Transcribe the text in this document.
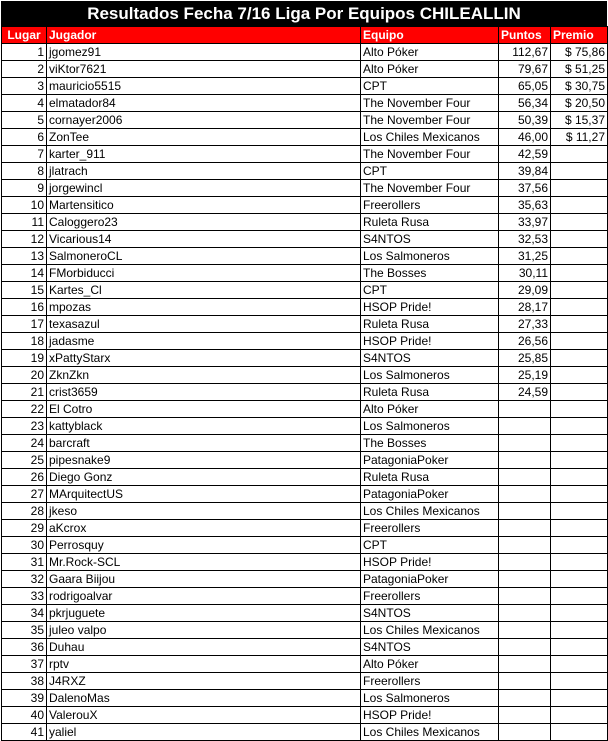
Resultados Fecha 7/16 Liga Por Equipos CHILEALLIN
Lugar	Jugador	Equipo	Puntos	Premio
1	jgomez91	Alto Póker	112,67	$ 75,86
2	viKtor7621	Alto Póker	79,67	$ 51,25
3	mauricio5515	CPT	65,05	$ 30,75
4	elmatador84	The November Four	56,34	$ 20,50
5	cornayer2006	The November Four	50,39	$ 15,37
6	ZonTee	Los Chiles Mexicanos	46,00	$ 11,27
7	karter_911	The November Four	42,59	
8	jlatrach	CPT	39,84	
9	jorgewincl	The November Four	37,56	
10	Martensitico	Freerollers	35,63	
11	Caloggero23	Ruleta Rusa	33,97	
12	Vicarious14	S4NTOS	32,53	
13	SalmoneroCL	Los Salmoneros	31,25	
14	FMorbiducci	The Bosses	30,11	
15	Kartes_Cl	CPT	29,09	
16	mpozas	HSOP Pride!	28,17	
17	texasazul	Ruleta Rusa	27,33	
18	jadasme	HSOP Pride!	26,56	
19	xPattyStarx	S4NTOS	25,85	
20	ZknZkn	Los Salmoneros	25,19	
21	crist3659	Ruleta Rusa	24,59	
22	El Cotro	Alto Póker		
23	kattyblack	Los Salmoneros		
24	barcraft	The Bosses		
25	pipesnake9	PatagoniaPoker		
26	Diego Gonz	Ruleta Rusa		
27	MArquitectUS	PatagoniaPoker		
28	jkeso	Los Chiles Mexicanos		
29	aKcrox	Freerollers		
30	Perrosquy	CPT		
31	Mr.Rock-SCL	HSOP Pride!		
32	Gaara Biijou	PatagoniaPoker		
33	rodrigoalvar	Freerollers		
34	pkrjuguete	S4NTOS		
35	juleo valpo	Los Chiles Mexicanos		
36	Duhau	S4NTOS		
37	rptv	Alto Póker		
38	J4RXZ	Freerollers		
39	DalenoMas	Los Salmoneros		
40	ValerouX	HSOP Pride!		
41	yaliel	Los Chiles Mexicanos		
